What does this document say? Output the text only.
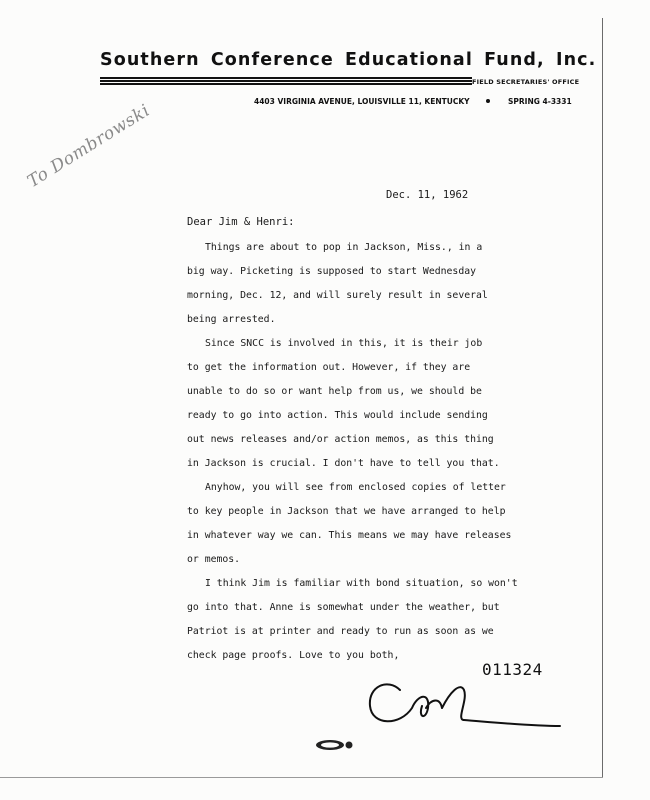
Southern Conference Educational Fund, Inc.
FIELD SECRETARIES' OFFICE
4403 VIRGINIA AVENUE, LOUISVILLE 11, KENTUCKY	SPRING 4-3331
To Dombrowski
Dec. 11, 1962
Dear Jim & Henri:
Things are about to pop in Jackson, Miss., in a
big way. Picketing is supposed to start Wednesday
morning, Dec. 12, and will surely result in several
being arrested.
Since SNCC is involved in this, it is their job
to get the information out. However, if they are
unable to do so or want help from us, we should be
ready to go into action. This would include sending
out news releases and/or action memos, as this thing
in Jackson is crucial. I don't have to tell you that.
Anyhow, you will see from enclosed copies of letter
to key people in Jackson that we have arranged to help
in whatever way we can. This means we may have releases
or memos.
I think Jim is familiar with bond situation, so won't
go into that. Anne is somewhat under the weather, but
Patriot is at printer and ready to run as soon as we
check page proofs. Love to you both,
011324
